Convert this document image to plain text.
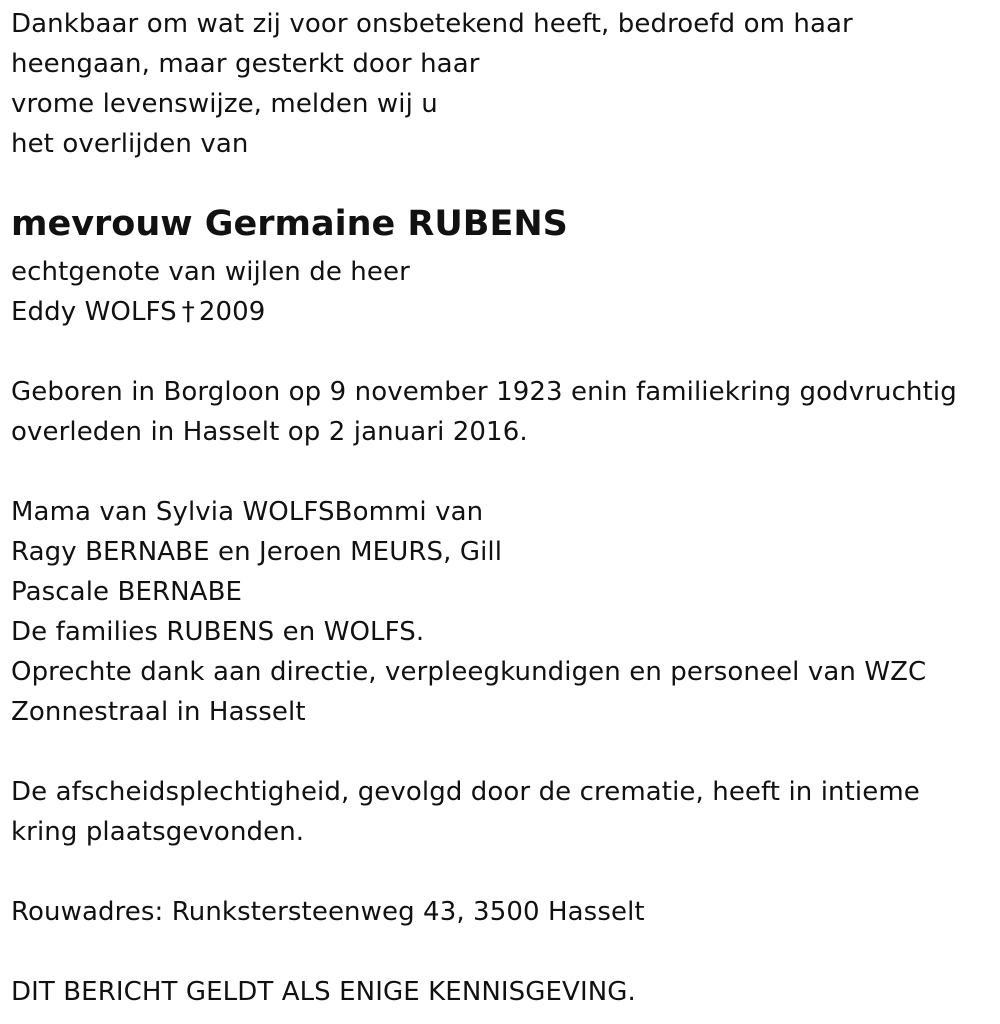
Dankbaar om wat zij voor onsbetekend heeft, bedroefd om haar
heengaan, maar gesterkt door haar
vrome levenswijze, melden wij u
het overlijden van
mevrouw Germaine RUBENS
echtgenote van wijlen de heer
Eddy WOLFS † 2009
Geboren in Borgloon op 9 november 1923 enin familiekring godvruchtig
overleden in Hasselt op 2 januari 2016.
Mama van Sylvia WOLFSBommi van
Ragy BERNABE en Jeroen MEURS, Gill
Pascale BERNABE
De families RUBENS en WOLFS.
Oprechte dank aan directie, verpleegkundigen en personeel van WZC
Zonnestraal in Hasselt
De afscheidsplechtigheid, gevolgd door de crematie, heeft in intieme
kring plaatsgevonden.
Rouwadres: Runkstersteenweg 43, 3500 Hasselt
DIT BERICHT GELDT ALS ENIGE KENNISGEVING.
